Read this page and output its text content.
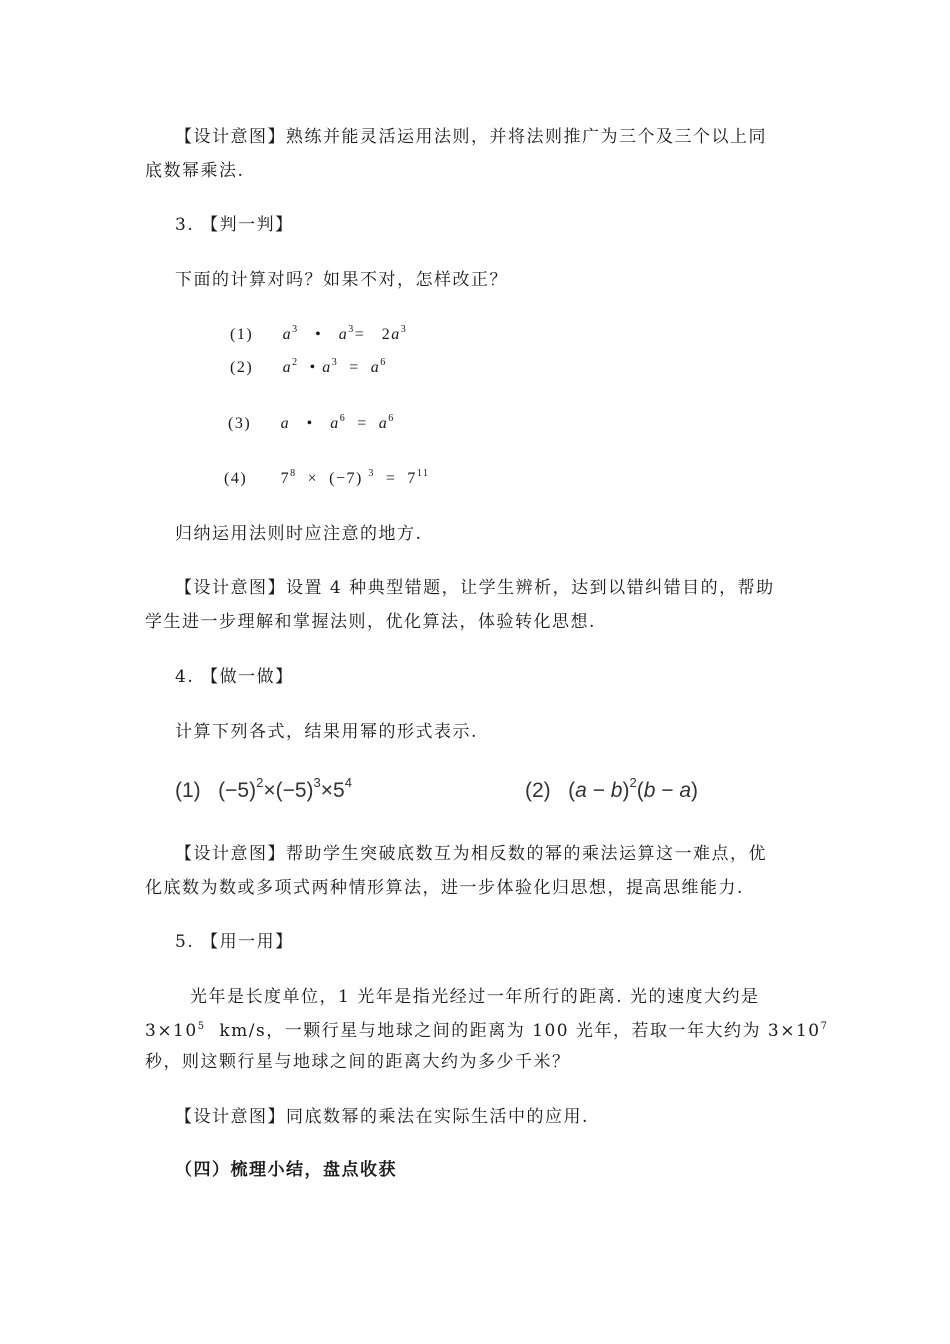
【设计意图】熟练并能灵活运用法则，并将法则推广为三个及三个以上同
底数幂乘法.
3. 【判一判】
下面的计算对吗？如果不对，怎样改正？
(1) $a^3$   •   $a^3= 2a^3$
(2) $a^2$  • $a^3 = a^6$
(3) a   •   $a^6 = a^6$
(4) $7^8 \times (-7) ^3 = 7^{11}$
归纳运用法则时应注意的地方.
【设计意图】设置 4 种典型错题，让学生辨析，达到以错纠错目的，帮助
学生进一步理解和掌握法则，优化算法，体验转化思想.
4. 【做一做】
计算下列各式，结果用幂的形式表示.
(1)   $(-5)^2\times(-5)^3\times 5^4$	(2)   $(a - b)^2(b - a)$
【设计意图】帮助学生突破底数互为相反数的幂的乘法运算这一难点，优
化底数为数或多项式两种情形算法，进一步体验化归思想，提高思维能力.
5. 【用一用】
光年是长度单位，1 光年是指光经过一年所行的距离. 光的速度大约是
$3\times 10^5$  km/s，一颗行星与地球之间的距离为 100 光年，若取一年大约为 $3\times 10^7$
秒，则这颗行星与地球之间的距离大约为多少千米？
【设计意图】同底数幂的乘法在实际生活中的应用.
（四）梳理小结，盘点收获
